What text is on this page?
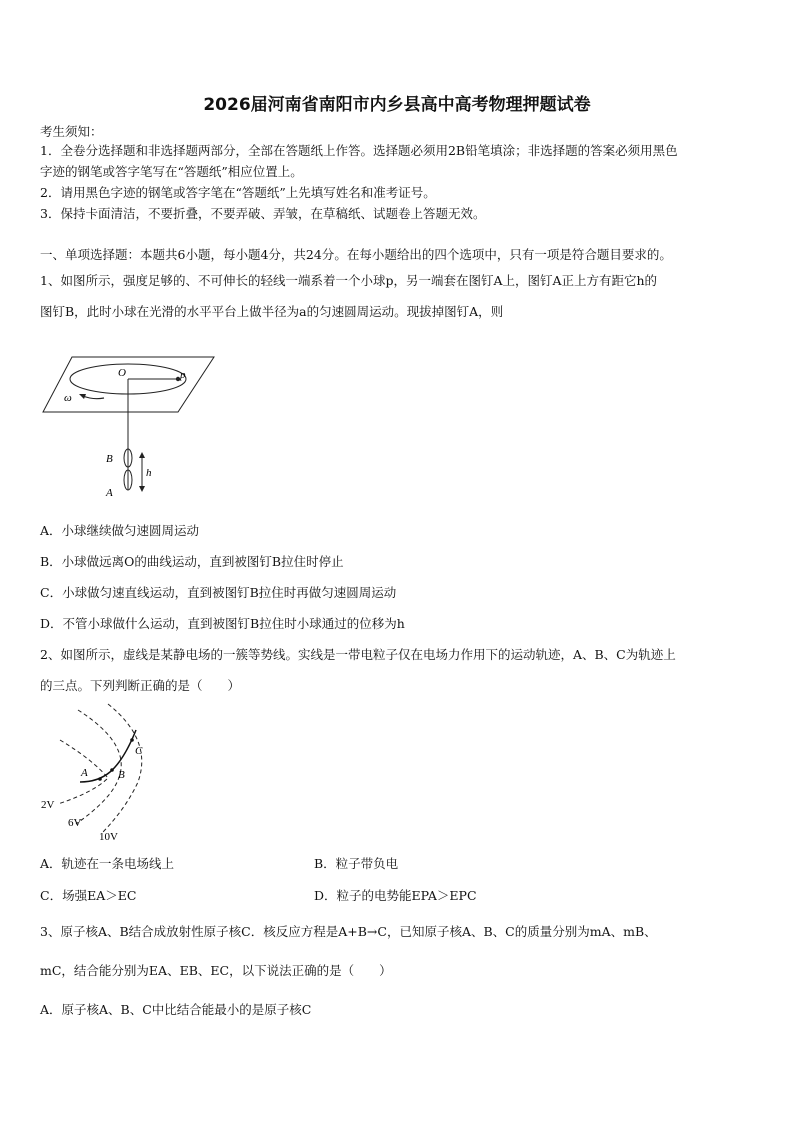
2026届河南省南阳市内乡县高中高考物理押题试卷
考生须知：
1．全卷分选择题和非选择题两部分，全部在答题纸上作答。选择题必须用2B铅笔填涂；非选择题的答案必须用黑色
字迹的钢笔或答字笔写在“答题纸”相应位置上。
2．请用黑色字迹的钢笔或答字笔在“答题纸”上先填写姓名和准考证号。
3．保持卡面清洁，不要折叠，不要弄破、弄皱，在草稿纸、试题卷上答题无效。
一、单项选择题：本题共6小题，每小题4分，共24分。在每小题给出的四个选项中，只有一项是符合题目要求的。
1、如图所示，强度足够的、不可伸长的轻线一端系着一个小球p，另一端套在图钉A上，图钉A正上方有距它h的
图钉B，此时小球在光滑的水平平台上做半径为a的匀速圆周运动。现拔掉图钉A，则
O	p
ω
B
A
h
A．小球继续做匀速圆周运动
B．小球做远离O的曲线运动，直到被图钉B拉住时停止
C．小球做匀速直线运动，直到被图钉B拉住时再做匀速圆周运动
D．不管小球做什么运动，直到被图钉B拉住时小球通过的位移为h
2、如图所示，虚线是某静电场的一簇等势线。实线是一带电粒子仅在电场力作用下的运动轨迹，A、B、C为轨迹上
的三点。下列判断正确的是（　　）
A	B
C
2V
6V
10V
A．轨迹在一条电场线上	B．粒子带负电
C．场强EA＞EC	D．粒子的电势能EPA＞EPC
3、原子核A、B结合成放射性原子核C．核反应方程是A+B→C，已知原子核A、B、C的质量分别为mA、mB、
mC，结合能分别为EA、EB、EC，以下说法正确的是（　　）
A．原子核A、B、C中比结合能最小的是原子核C
